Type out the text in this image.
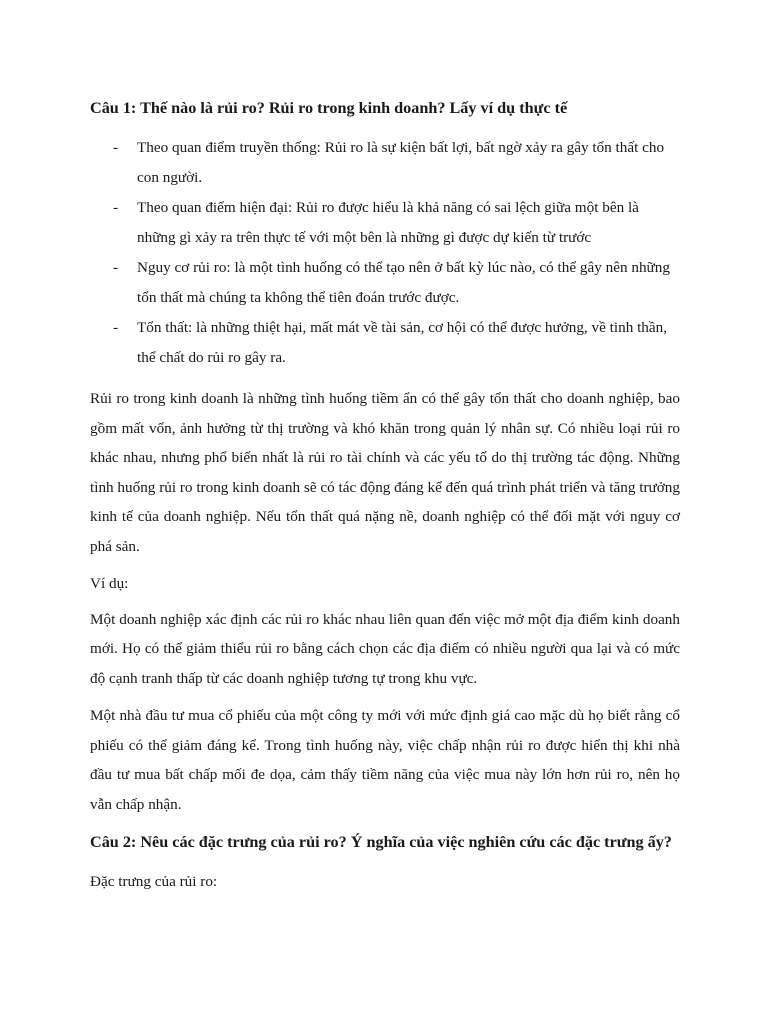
Câu 1: Thế nào là rủi ro? Rủi ro trong kinh doanh? Lấy ví dụ thực tế
- Theo quan điểm truyền thống: Rủi ro là sự kiện bất lợi, bất ngờ xảy ra gây tổn thất cho con người.
- Theo quan điểm hiện đại: Rủi ro được hiểu là khả năng có sai lệch giữa một bên là những gì xảy ra trên thực tế với một bên là những gì được dự kiến từ trước
- Nguy cơ rủi ro: là một tình huống có thể tạo nên ở bất kỳ lúc nào, có thể gây nên những tổn thất mà chúng ta không thể tiên đoán trước được.
- Tổn thất: là những thiệt hại, mất mát về tài sản, cơ hội có thể được hưởng, về tinh thần, thể chất do rủi ro gây ra.

Rủi ro trong kinh doanh là những tình huống tiềm ẩn có thể gây tổn thất cho doanh nghiệp, bao gồm mất vốn, ảnh hưởng từ thị trường và khó khăn trong quản lý nhân sự. Có nhiều loại rủi ro khác nhau, nhưng phổ biến nhất là rủi ro tài chính và các yếu tố do thị trường tác động. Những tình huống rủi ro trong kinh doanh sẽ có tác động đáng kể đến quá trình phát triển và tăng trưởng kinh tế của doanh nghiệp. Nếu tổn thất quá nặng nề, doanh nghiệp có thể đối mặt với nguy cơ phá sản.

Ví dụ:

Một doanh nghiệp xác định các rủi ro khác nhau liên quan đến việc mở một địa điểm kinh doanh mới. Họ có thể giảm thiểu rủi ro bằng cách chọn các địa điểm có nhiều người qua lại và có mức độ cạnh tranh thấp từ các doanh nghiệp tương tự trong khu vực.

Một nhà đầu tư mua cổ phiếu của một công ty mới với mức định giá cao mặc dù họ biết rằng cổ phiếu có thể giảm đáng kể. Trong tình huống này, việc chấp nhận rủi ro được hiển thị khi nhà đầu tư mua bất chấp mối đe dọa, cảm thấy tiềm năng của việc mua này lớn hơn rủi ro, nên họ vẫn chấp nhận.

Câu 2: Nêu các đặc trưng của rủi ro? Ý nghĩa của việc nghiên cứu các đặc trưng ấy?

Đặc trưng của rủi ro:
